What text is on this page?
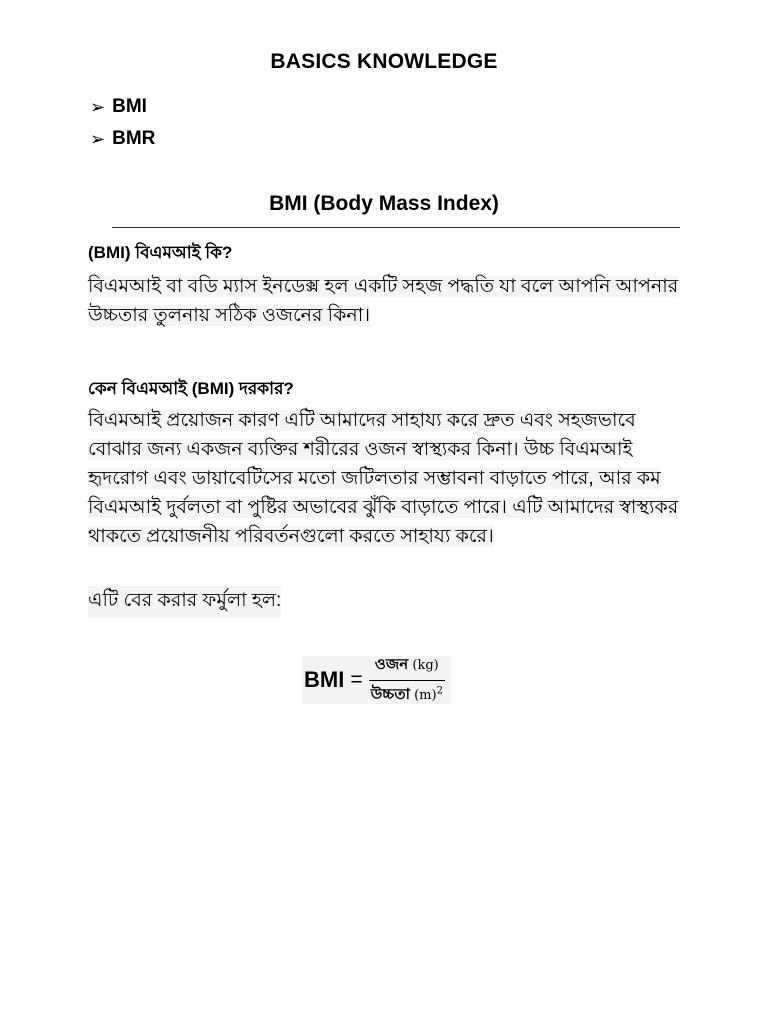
BASICS KNOWLEDGE
➢ BMI
➢ BMR
BMI (Body Mass Index)
(BMI) বিএমআই কি?
বিএমআই বা বডি ম্যাস ইনডেক্স হল একটি সহজ পদ্ধতি যা বলে আপনি আপনার উচ্চতার তুলনায় সঠিক ওজনের কিনা।
কেন বিএমআই (BMI) দরকার?
বিএমআই প্রয়োজন কারণ এটি আমাদের সাহায্য করে দ্রুত এবং সহজভাবে বোঝার জন্য একজন ব্যক্তির শরীরের ওজন স্বাস্থ্যকর কিনা। উচ্চ বিএমআই হৃদরোগ এবং ডায়াবেটিসের মতো জটিলতার সম্ভাবনা বাড়াতে পারে, আর কম বিএমআই দুর্বলতা বা পুষ্টির অভাবের ঝুঁকি বাড়াতে পারে। এটি আমাদের স্বাস্থ্যকর থাকতে প্রয়োজনীয় পরিবর্তনগুলো করতে সাহায্য করে।
এটি বের করার ফর্মুলা হল:
BMI = $\frac{\text{ওজন (kg)}}{উচ্চতা (m)^2}$
